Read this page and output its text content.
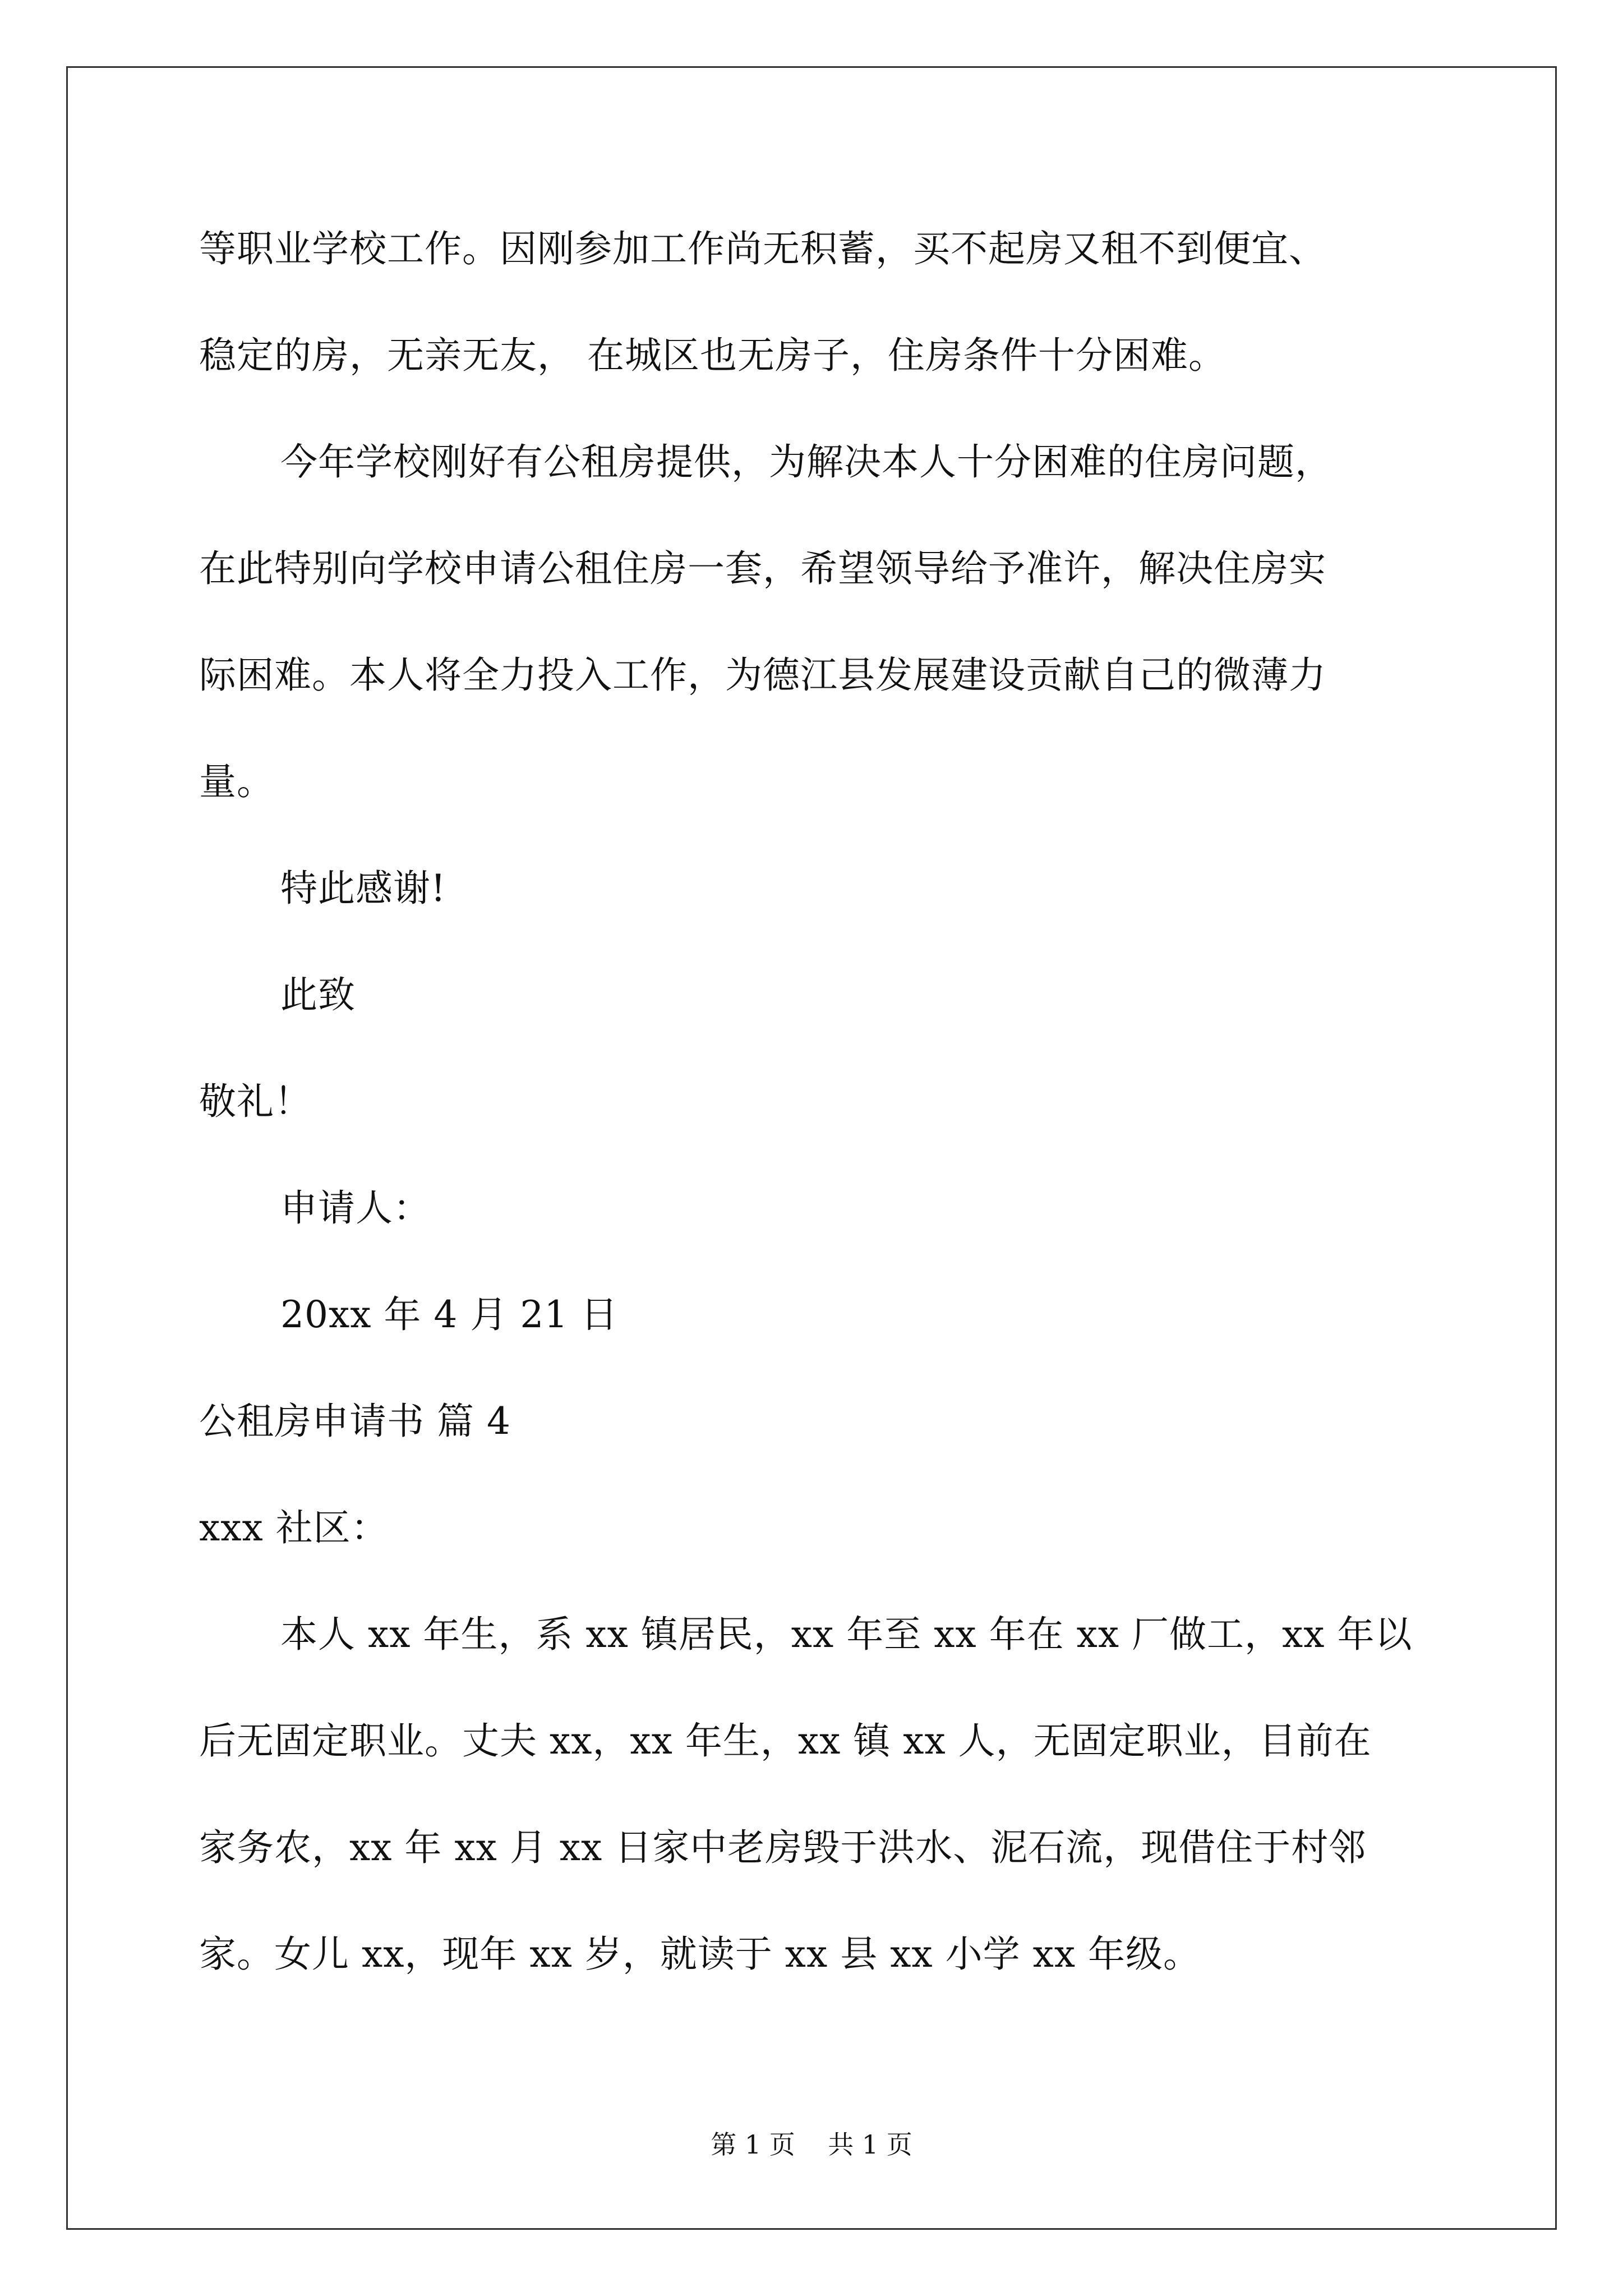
等职业学校工作。因刚参加工作尚无积蓄，买不起房又租不到便宜、
稳定的房，无亲无友， 在城区也无房子，住房条件十分困难。
今年学校刚好有公租房提供，为解决本人十分困难的住房问题，
在此特别向学校申请公租住房一套，希望领导给予准许，解决住房实
际困难。本人将全力投入工作，为德江县发展建设贡献自己的微薄力
量。
特此感谢!
此致
敬礼！
申请人：
20xx 年 4 月 21 日
公租房申请书 篇 4
xxx 社区：
本人 xx 年生，系 xx 镇居民，xx 年至 xx 年在 xx 厂做工，xx 年以
后无固定职业。丈夫 xx，xx 年生，xx 镇 xx 人，无固定职业，目前在
家务农，xx 年 xx 月 xx 日家中老房毁于洪水、泥石流，现借住于村邻
家。女儿 xx，现年 xx 岁，就读于 xx 县 xx 小学 xx 年级。
第 1 页    共 1 页
